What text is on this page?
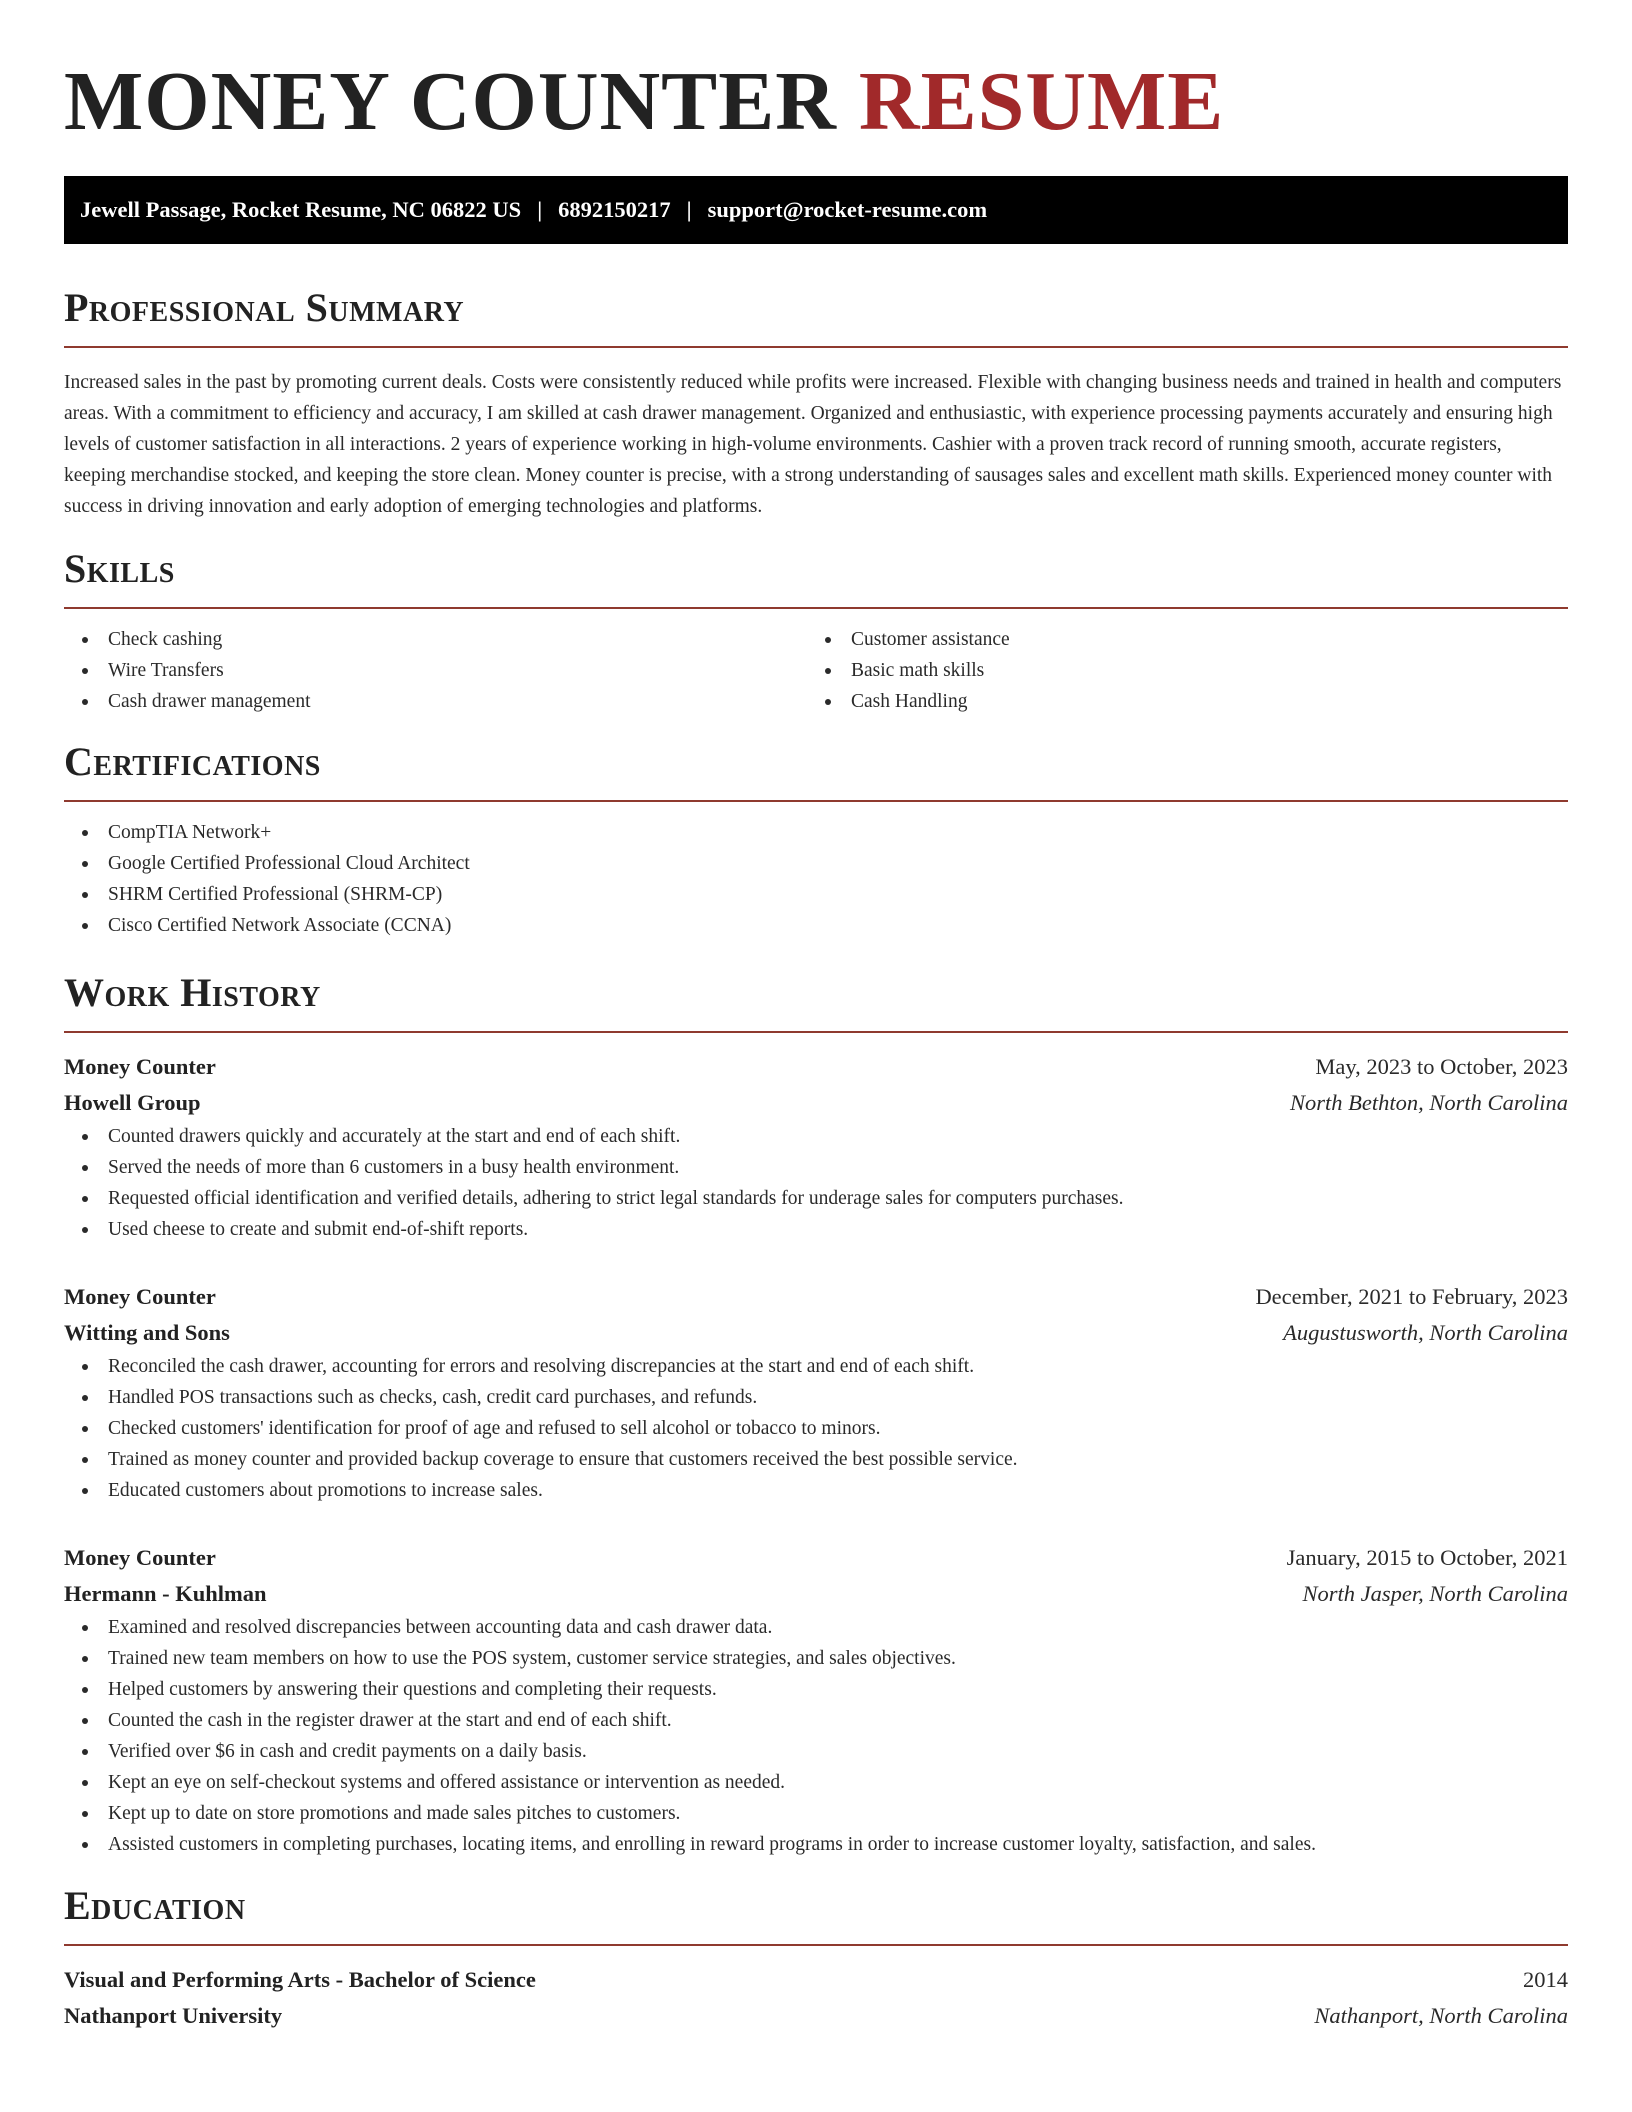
MONEY COUNTER RESUME
Jewell Passage, Rocket Resume, NC 06822 US | 6892150217 | support@rocket-resume.com
Professional Summary

Increased sales in the past by promoting current deals. Costs were consistently reduced while profits were increased. Flexible with changing business needs and trained in health and computers areas. With a commitment to efficiency and accuracy, I am skilled at cash drawer management. Organized and enthusiastic, with experience processing payments accurately and ensuring high levels of customer satisfaction in all interactions. 2 years of experience working in high-volume environments. Cashier with a proven track record of running smooth, accurate registers, keeping merchandise stocked, and keeping the store clean. Money counter is precise, with a strong understanding of sausages sales and excellent math skills. Experienced money counter with success in driving innovation and early adoption of emerging technologies and platforms.

Skills
Check cashing
Wire Transfers
Cash drawer management
Customer assistance
Basic math skills
Cash Handling
Certifications
CompTIA Network+
Google Certified Professional Cloud Architect
SHRM Certified Professional (SHRM-CP)
Cisco Certified Network Associate (CCNA)
Work History
Money Counter	May, 2023 to October, 2023
Howell Group	North Bethton, North Carolina
Counted drawers quickly and accurately at the start and end of each shift.
Served the needs of more than 6 customers in a busy health environment.
Requested official identification and verified details, adhering to strict legal standards for underage sales for computers purchases.
Used cheese to create and submit end-of-shift reports.
Money Counter	December, 2021 to February, 2023
Witting and Sons	Augustusworth, North Carolina
Reconciled the cash drawer, accounting for errors and resolving discrepancies at the start and end of each shift.
Handled POS transactions such as checks, cash, credit card purchases, and refunds.
Checked customers' identification for proof of age and refused to sell alcohol or tobacco to minors.
Trained as money counter and provided backup coverage to ensure that customers received the best possible service.
Educated customers about promotions to increase sales.
Money Counter	January, 2015 to October, 2021
Hermann - Kuhlman	North Jasper, North Carolina
Examined and resolved discrepancies between accounting data and cash drawer data.
Trained new team members on how to use the POS system, customer service strategies, and sales objectives.
Helped customers by answering their questions and completing their requests.
Counted the cash in the register drawer at the start and end of each shift.
Verified over $6 in cash and credit payments on a daily basis.
Kept an eye on self-checkout systems and offered assistance or intervention as needed.
Kept up to date on store promotions and made sales pitches to customers.
Assisted customers in completing purchases, locating items, and enrolling in reward programs in order to increase customer loyalty, satisfaction, and sales.
Education
Visual and Performing Arts - Bachelor of Science	2014
Nathanport University	Nathanport, North Carolina
